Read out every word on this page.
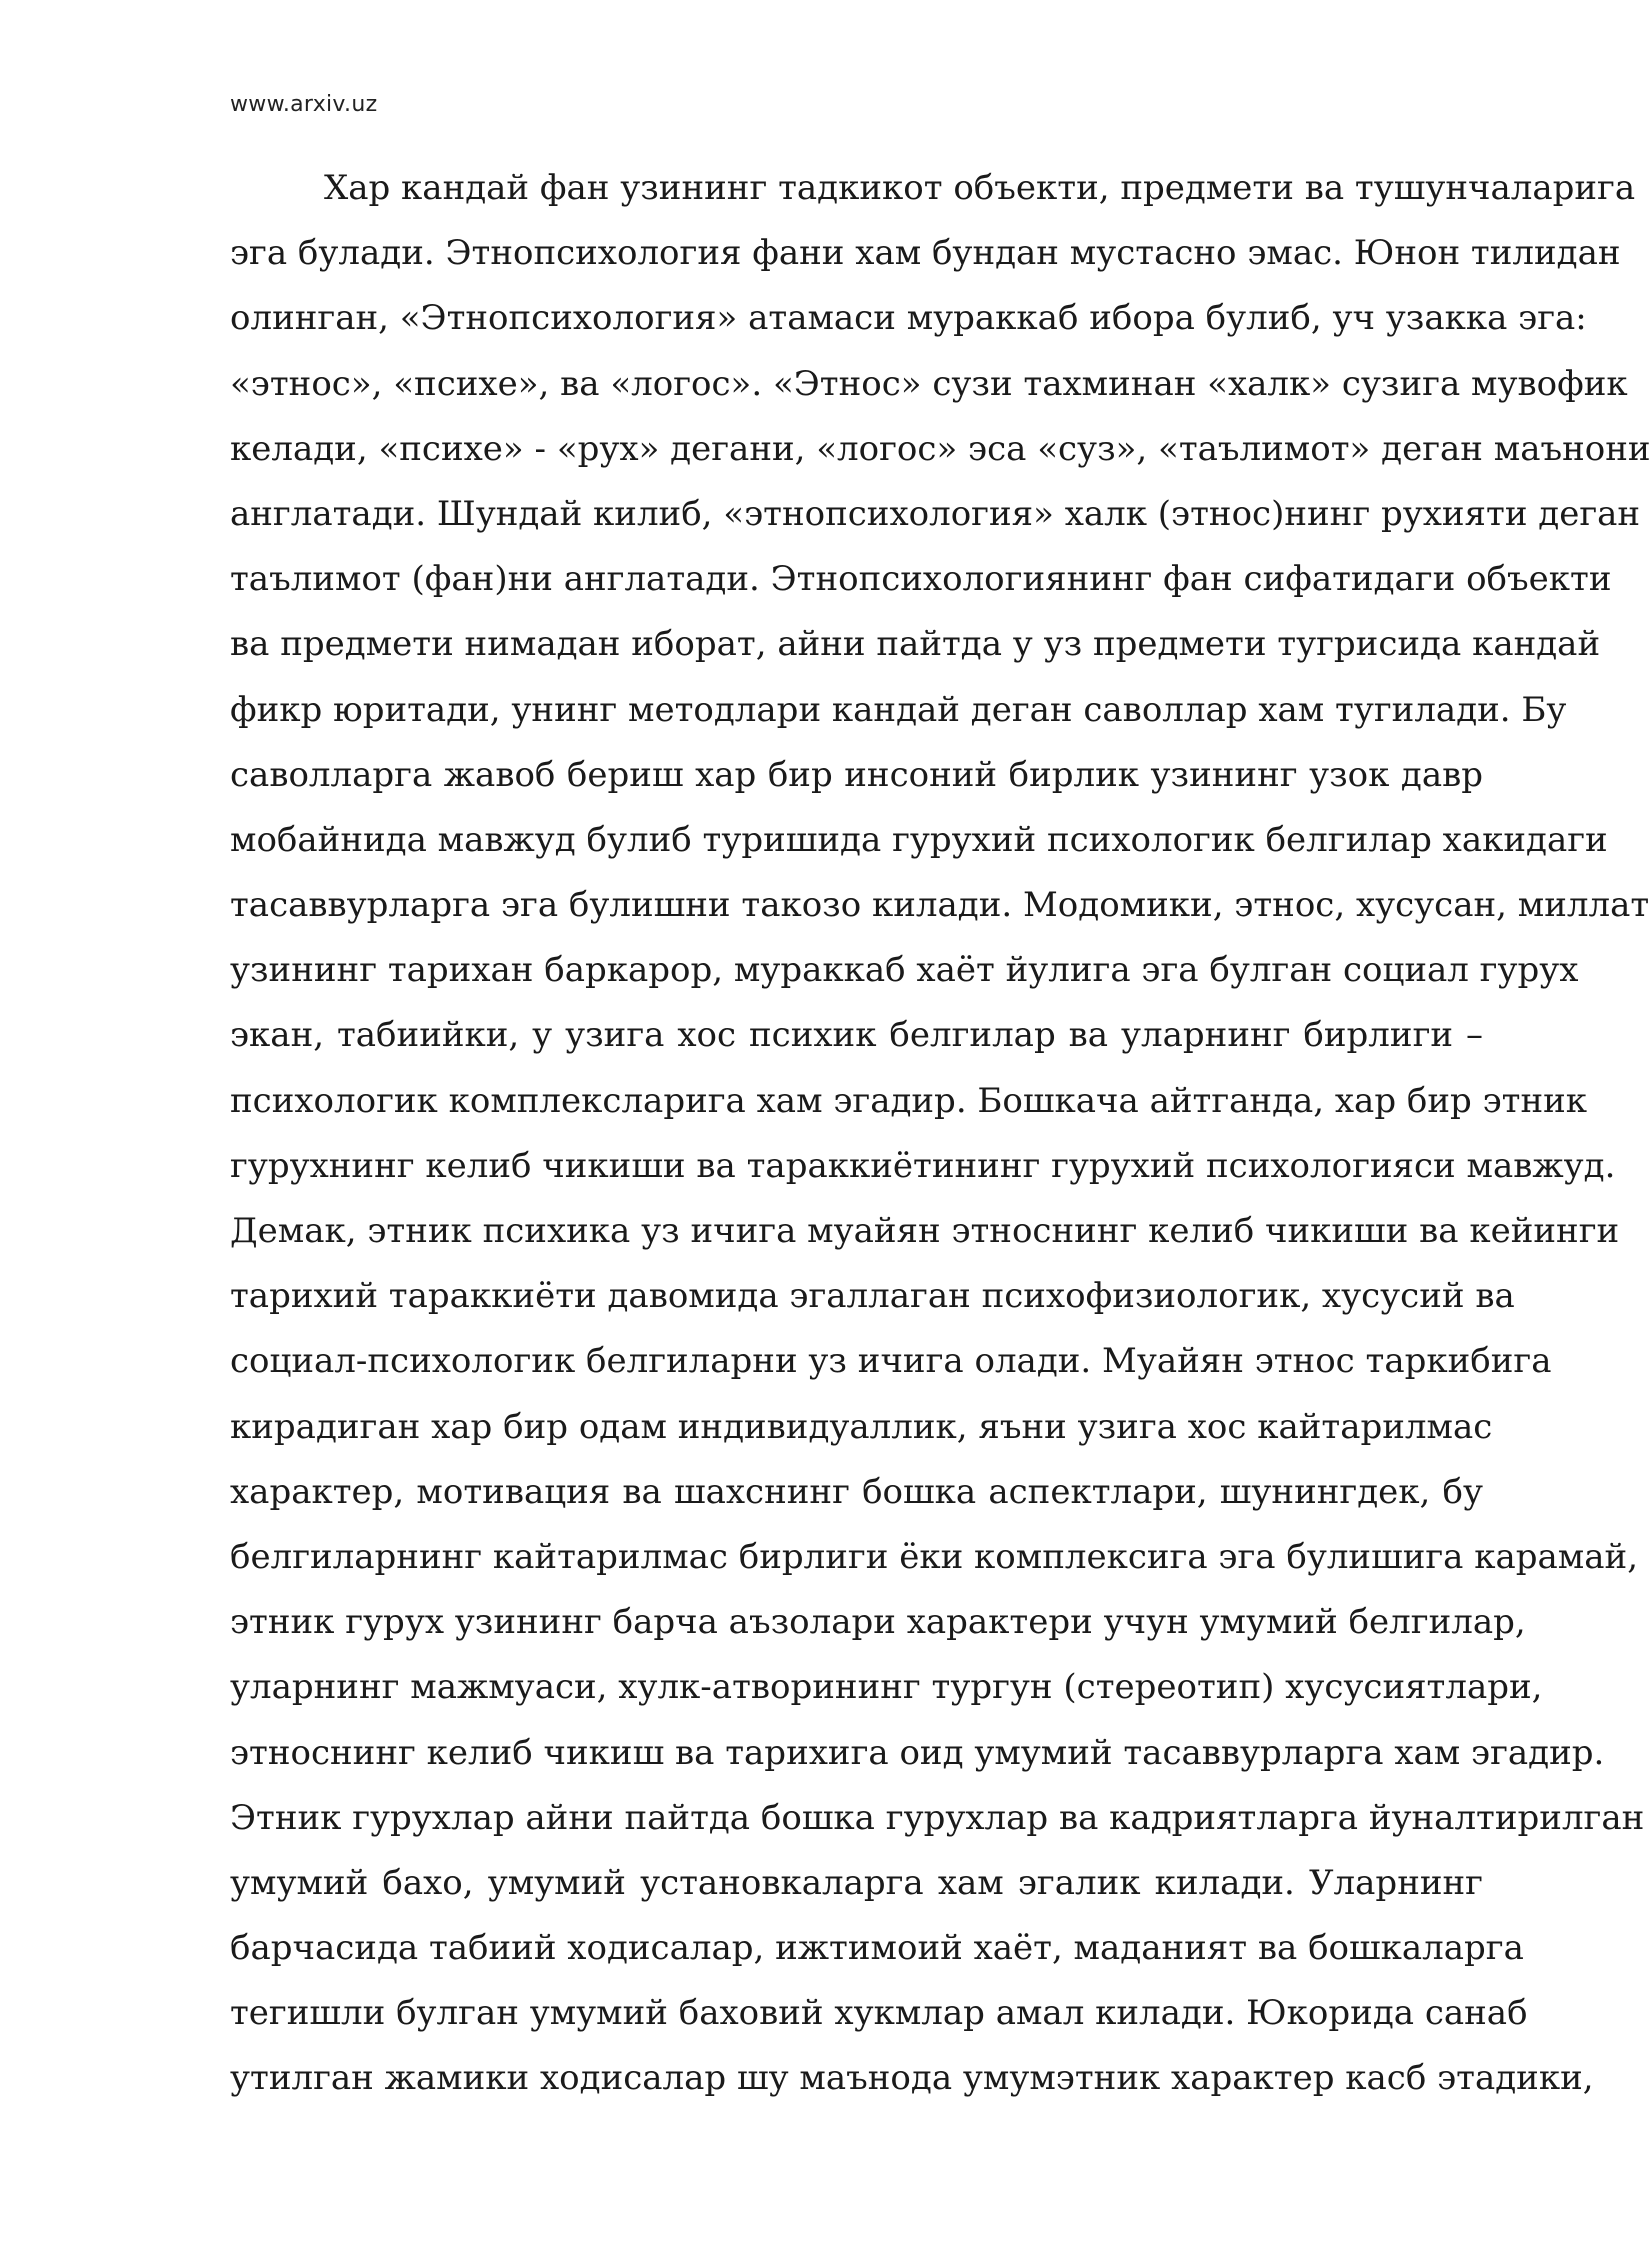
www.arxiv.uz
Хар кандай фан узининг тадкикот объекти, предмети ва тушунчаларига
эга булади. Этнопсихология фани хам бундан мустасно эмас. Юнон тилидан
олинган, «Этнопсихология» атамаси мураккаб ибора булиб, уч узакка эга:
«этнос», «психе», ва «логос». «Этнос» сузи тахминан «халк» сузига мувофик
келади, «психе» - «рух» дегани, «логос» эса «суз», «таълимот» деган маънони
англатади. Шундай килиб, «этнопсихология» халк (этнос)нинг рухияти деган
таълимот (фан)ни англатади. Этнопсихологиянинг фан сифатидаги объекти
ва предмети нимадан иборат, айни пайтда у уз предмети тугрисида кандай
фикр юритади, унинг методлари кандай деган саволлар хам тугилади. Бу
саволларга жавоб бериш хар бир инсоний бирлик узининг узок давр
мобайнида мавжуд булиб туришида гурухий психологик белгилар хакидаги
тасаввурларга эга булишни такозо килади. Модомики, этнос, хусусан, миллат
узининг тарихан баркарор, мураккаб хаёт йулига эга булган социал гурух
экан, табиийки, у узига хос психик белгилар ва уларнинг бирлиги –
психологик комплексларига хам эгадир. Бошкача айтганда, хар бир этник
гурухнинг келиб чикиши ва тараккиётининг гурухий психологияси мавжуд.
Демак, этник психика уз ичига муайян этноснинг келиб чикиши ва кейинги
тарихий тараккиёти давомида эгаллаган психофизиологик, хусусий ва
социал-психологик белгиларни уз ичига олади. Муайян этнос таркибига
кирадиган хар бир одам индивидуаллик, яъни узига хос кайтарилмас
характер, мотивация ва шахснинг бошка аспектлари, шунингдек, бу
белгиларнинг кайтарилмас бирлиги ёки комплексига эга булишига карамай,
этник гурух узининг барча аъзолари характери учун умумий белгилар,
уларнинг мажмуаси, хулк-атворининг тургун (стереотип) хусусиятлари,
этноснинг келиб чикиш ва тарихига оид умумий тасаввурларга хам эгадир.
Этник гурухлар айни пайтда бошка гурухлар ва кадриятларга йуналтирилган
умумий бахо, умумий установкаларга хам эгалик килади. Уларнинг
барчасида табиий ходисалар, ижтимоий хаёт, маданият ва бошкаларга
тегишли булган умумий баховий хукмлар амал килади. Юкорида санаб
утилган жамики ходисалар шу маънода умумэтник характер касб этадики,
